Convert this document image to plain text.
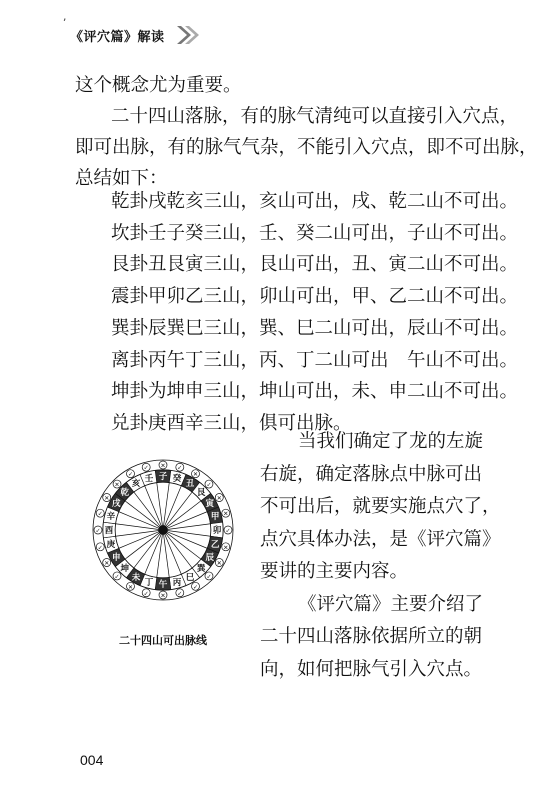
’
《评穴篇》解读
这个概念尤为重要。
二十四山落脉，有的脉气清纯可以直接引入穴点，
即可出脉，有的脉气气杂，不能引入穴点，即不可出脉，
总结如下：
乾卦戌乾亥三山，亥山可出，戌、乾二山不可出。
坎卦壬子癸三山，壬、癸二山可出，子山不可出。
艮卦丑艮寅三山，艮山可出，丑、寅二山不可出。
震卦甲卯乙三山，卯山可出，甲、乙二山不可出。
巽卦辰巽巳三山，巽、巳二山可出，辰山不可出。
离卦丙午丁三山，丙、丁二山可出　午山不可出。
坤卦为坤申三山，坤山可出，未、申二山不可出。
兑卦庚酉辛三山，俱可出脉。
当我们确定了龙的左旋
右旋，确定落脉点中脉可出
不可出后，就要实施点穴了，
点穴具体办法，是《评穴篇》
要讲的主要内容。
《评穴篇》主要介绍了
二十四山落脉依据所立的朝
向，如何把脉气引入穴点。
子
✕
癸
✓
丑
✕
艮
✓
寅
✕
甲 ✕
卯 ✓
乙 ✕
辰
✕
巽
✓
巳
✓
丙
✓
午
✕
丁
✓
未
✕
坤
✓
申
✕
庚
✓
酉
✓
辛
✓
戌
✕
乾
✕ 亥
✓ 壬
✓
二十四山可出脉线
004
